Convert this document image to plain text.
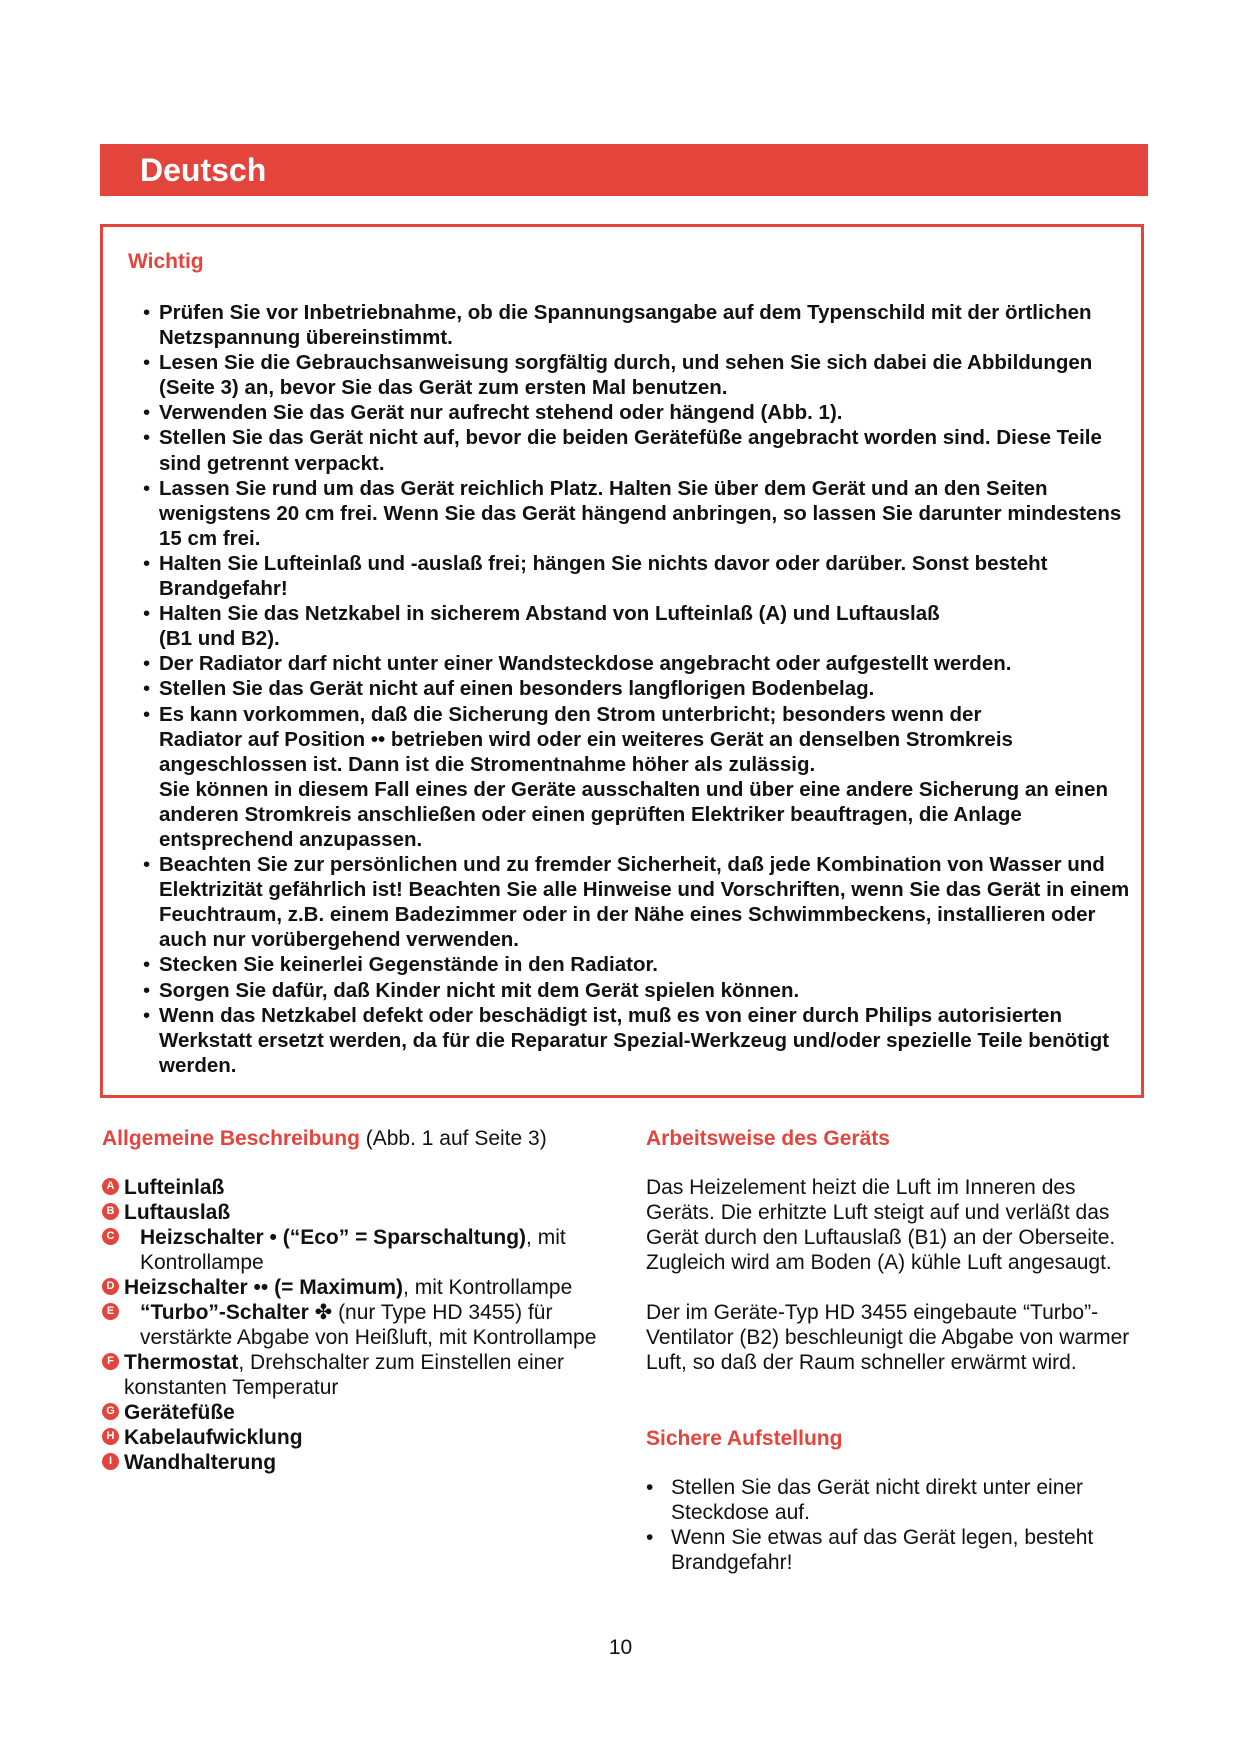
Deutsch
Wichtig
• Prüfen Sie vor Inbetriebnahme, ob die Spannungsangabe auf dem Typenschild mit der örtlichen Netzspannung übereinstimmt.
• Lesen Sie die Gebrauchsanweisung sorgfältig durch, und sehen Sie sich dabei die Abbildungen (Seite 3) an, bevor Sie das Gerät zum ersten Mal benutzen.
• Verwenden Sie das Gerät nur aufrecht stehend oder hängend (Abb. 1).
• Stellen Sie das Gerät nicht auf, bevor die beiden Gerätefüße angebracht worden sind. Diese Teile sind getrennt verpackt.
• Lassen Sie rund um das Gerät reichlich Platz. Halten Sie über dem Gerät und an den Seiten wenigstens 20 cm frei. Wenn Sie das Gerät hängend anbringen, so lassen Sie darunter mindestens 15 cm frei.
• Halten Sie Lufteinlaß und -auslaß frei; hängen Sie nichts davor oder darüber. Sonst besteht Brandgefahr!
• Halten Sie das Netzkabel in sicherem Abstand von Lufteinlaß (A) und Luftauslaß (B1 und B2).
• Der Radiator darf nicht unter einer Wandsteckdose angebracht oder aufgestellt werden.
• Stellen Sie das Gerät nicht auf einen besonders langflorigen Bodenbelag.
• Es kann vorkommen, daß die Sicherung den Strom unterbricht; besonders wenn der Radiator auf Position •• betrieben wird oder ein weiteres Gerät an denselben Stromkreis angeschlossen ist. Dann ist die Stromentnahme höher als zulässig.
Sie können in diesem Fall eines der Geräte ausschalten und über eine andere Sicherung an einen anderen Stromkreis anschließen oder einen geprüften Elektriker beauftragen, die Anlage entsprechend anzupassen.
• Beachten Sie zur persönlichen und zu fremder Sicherheit, daß jede Kombination von Wasser und Elektrizität gefährlich ist! Beachten Sie alle Hinweise und Vorschriften, wenn Sie das Gerät in einem Feuchtraum, z.B. einem Badezimmer oder in der Nähe eines Schwimmbeckens, installieren oder auch nur vorübergehend verwenden.
• Stecken Sie keinerlei Gegenstände in den Radiator.
• Sorgen Sie dafür, daß Kinder nicht mit dem Gerät spielen können.
• Wenn das Netzkabel defekt oder beschädigt ist, muß es von einer durch Philips autorisierten Werkstatt ersetzt werden, da für die Reparatur Spezial-Werkzeug und/oder spezielle Teile benötigt werden.
Allgemeine Beschreibung (Abb. 1 auf Seite 3)
A Lufteinlaß
B Luftauslaß
C Heizschalter • (“Eco” = Sparschaltung), mit Kontrollampe
D Heizschalter •• (= Maximum), mit Kontrollampe
E “Turbo”-Schalter ✤ (nur Type HD 3455) für verstärkte Abgabe von Heißluft, mit Kontrollampe
F Thermostat, Drehschalter zum Einstellen einer konstanten Temperatur
G Gerätefüße
H Kabelaufwicklung
I Wandhalterung
Arbeitsweise des Geräts

Das Heizelement heizt die Luft im Inneren des Geräts. Die erhitzte Luft steigt auf und verläßt das Gerät durch den Luftauslaß (B1) an der Oberseite. Zugleich wird am Boden (A) kühle Luft angesaugt.

Der im Geräte-Typ HD 3455 eingebaute “Turbo”-Ventilator (B2) beschleunigt die Abgabe von warmer Luft, so daß der Raum schneller erwärmt wird.

Sichere Aufstellung
• Stellen Sie das Gerät nicht direkt unter einer Steckdose auf.
• Wenn Sie etwas auf das Gerät legen, besteht Brandgefahr!
10
